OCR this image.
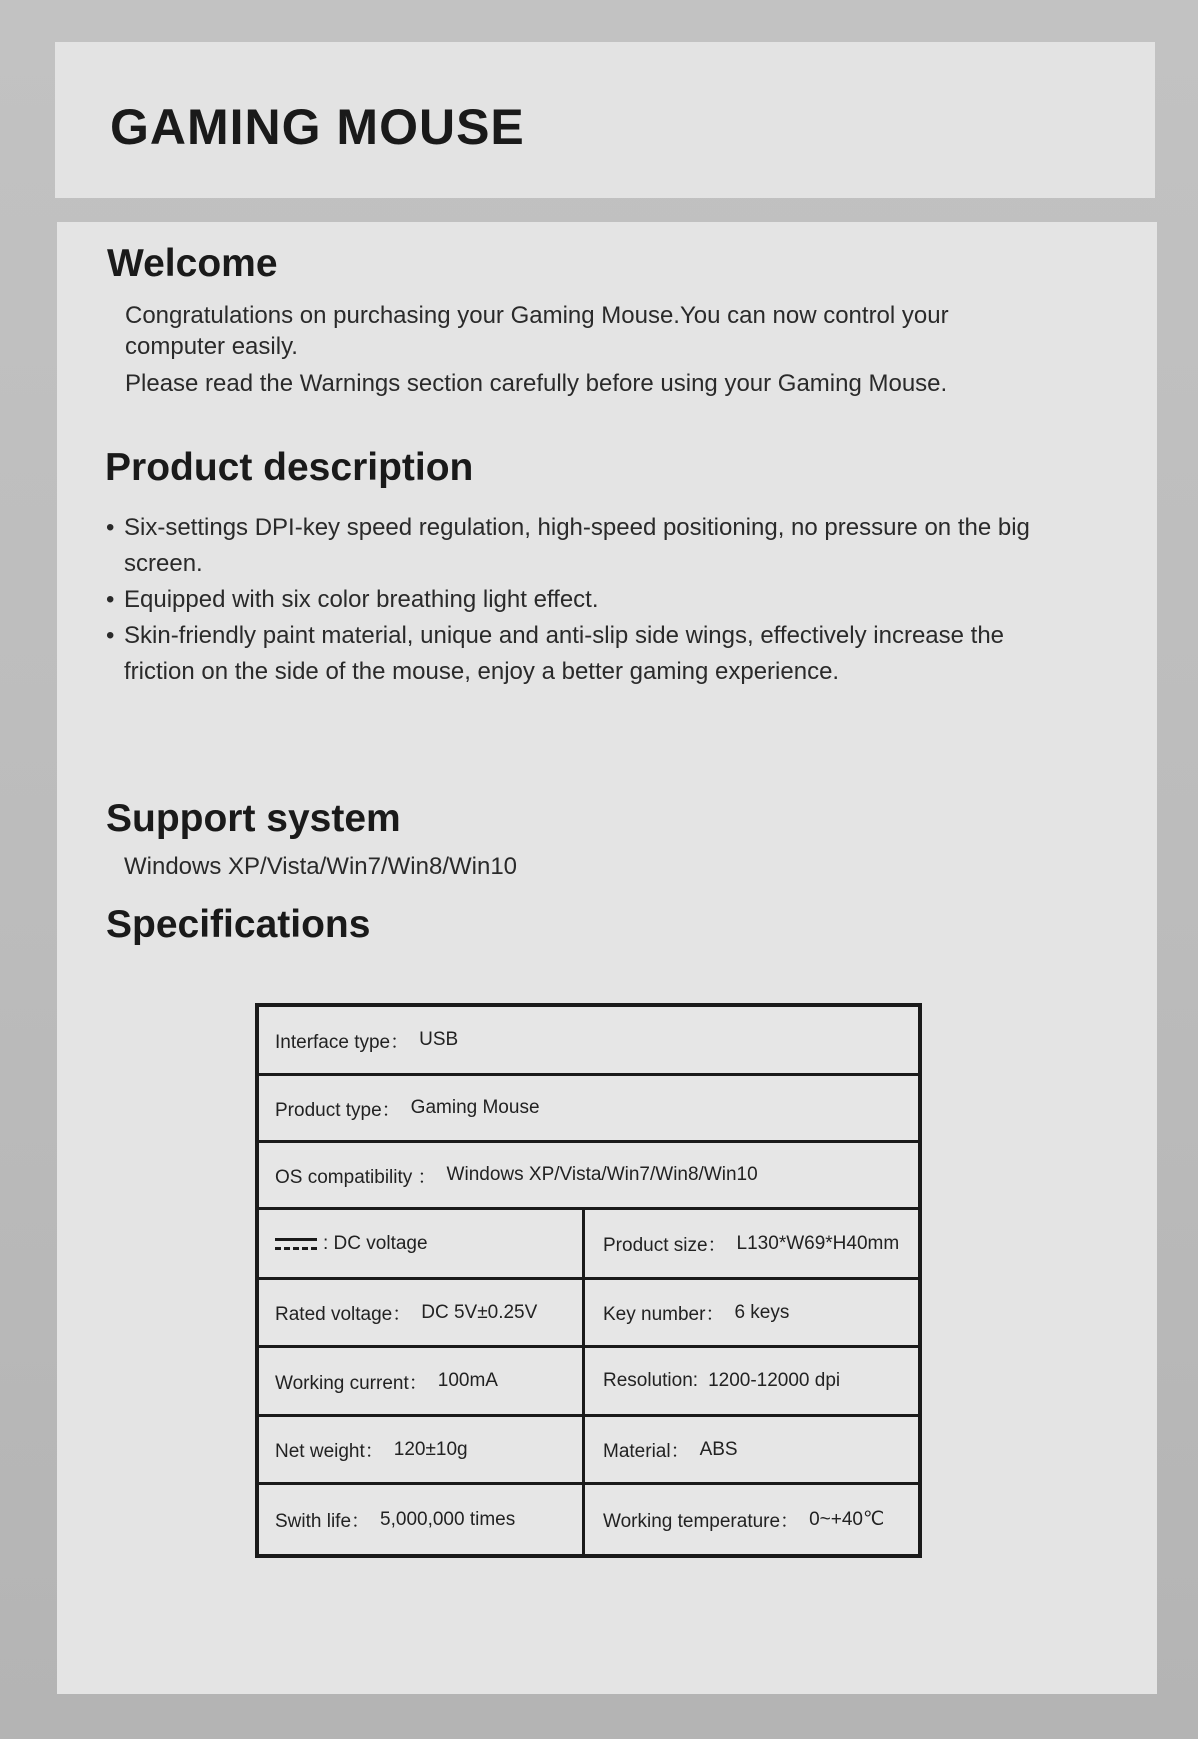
GAMING MOUSE
Welcome

Congratulations on purchasing your Gaming Mouse.You can now control your

computer easily.

Please read the Warnings section carefully before using your Gaming Mouse.

Product description
• Six-settings DPI-key speed regulation, high-speed positioning, no pressure on the big screen.
• Equipped with six color breathing light effect.
• Skin-friendly paint material, unique and anti-slip side wings, effectively increase the friction on the side of the mouse, enjoy a better gaming experience.
Support system

Windows XP/Vista/Win7/Win8/Win10

Specifications
Interface type： USB
Product type： Gaming Mouse
OS compatibility ： Windows XP/Vista/Win7/Win8/Win10
: DC voltage	Product size： L130*W69*H40mm
Rated voltage： DC 5V±0.25V	Key number： 6 keys
Working current： 100mA	Resolution: 1200-12000 dpi
Net weight： 120±10g	Material： ABS
Swith life： 5,000,000 times	Working temperature： 0~+40℃
